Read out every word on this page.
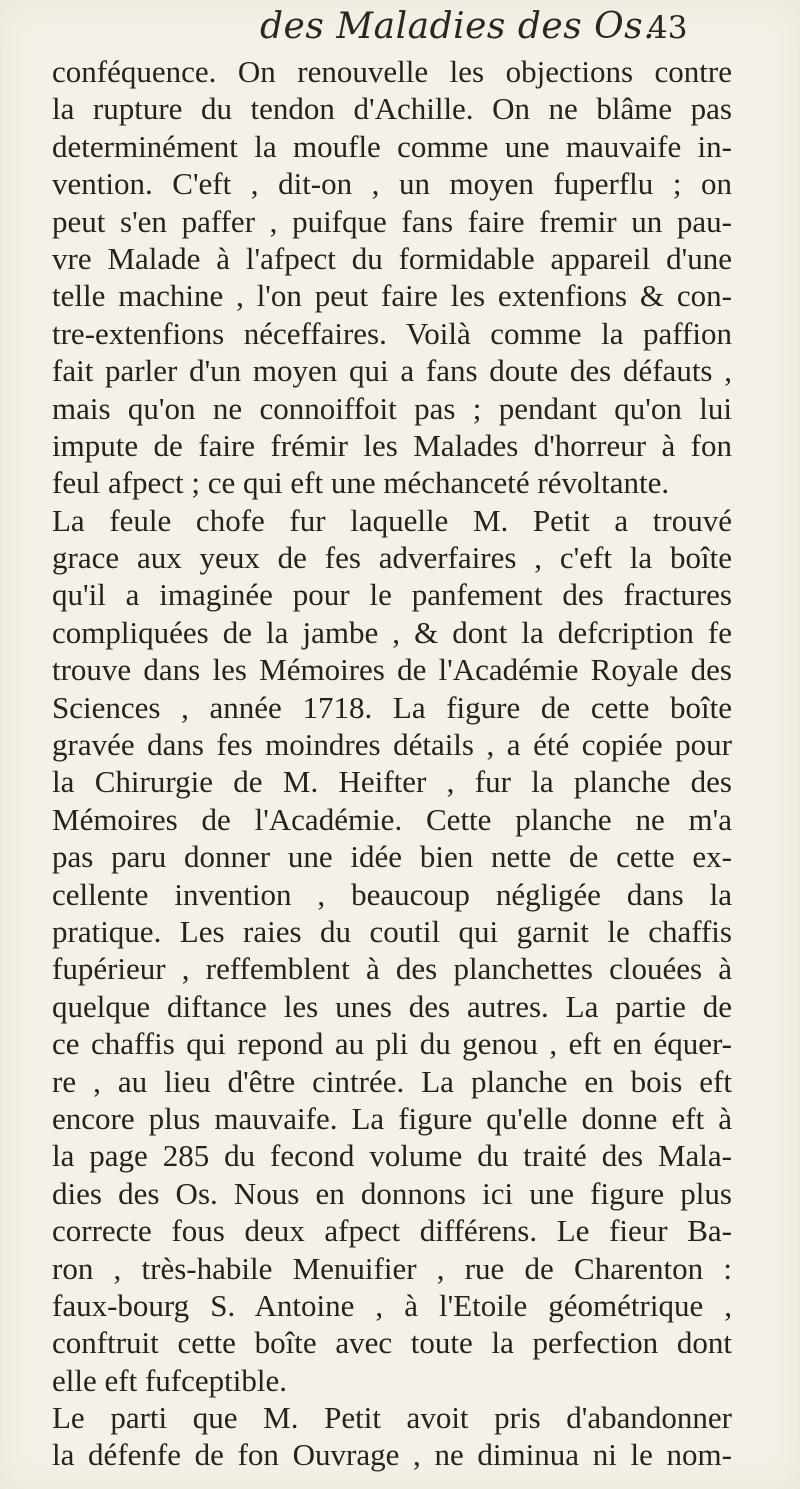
des Maladies des Os.
43
conféquence. On renouvelle les objections contre
la rupture du tendon d'Achille. On ne blâme pas
determinément la moufle comme une mauvaife in-
vention. C'eft , dit-on , un moyen fuperflu ; on
peut s'en paffer , puifque fans faire fremir un pau-
vre Malade à l'afpect du formidable appareil d'une
telle machine , l'on peut faire les extenfions & con-
tre-extenfions néceffaires. Voilà comme la paffion
fait parler d'un moyen qui a fans doute des défauts ,
mais qu'on ne connoiffoit pas ; pendant qu'on lui
impute de faire frémir les Malades d'horreur à fon
feul afpect ; ce qui eft une méchanceté révoltante.
La feule chofe fur laquelle M. Petit a trouvé
grace aux yeux de fes adverfaires , c'eft la boîte
qu'il a imaginée pour le panfement des fractures
compliquées de la jambe , & dont la defcription fe
trouve dans les Mémoires de l'Académie Royale des
Sciences , année 1718. La figure de cette boîte
gravée dans fes moindres détails , a été copiée pour
la Chirurgie de M. Heifter , fur la planche des
Mémoires de l'Académie. Cette planche ne m'a
pas paru donner une idée bien nette de cette ex-
cellente invention , beaucoup négligée dans la
pratique. Les raies du coutil qui garnit le chaffis
fupérieur , reffemblent à des planchettes clouées à
quelque diftance les unes des autres. La partie de
ce chaffis qui repond au pli du genou , eft en équer-
re , au lieu d'être cintrée. La planche en bois eft
encore plus mauvaife. La figure qu'elle donne eft à
la page 285 du fecond volume du traité des Mala-
dies des Os. Nous en donnons ici une figure plus
correcte fous deux afpect différens. Le fieur Ba-
ron , très-habile Menuifier , rue de Charenton :
faux-bourg S. Antoine , à l'Etoile géométrique ,
conftruit cette boîte avec toute la perfection dont
elle eft fufceptible.
Le parti que M. Petit avoit pris d'abandonner
la défenfe de fon Ouvrage , ne diminua ni le nom-
